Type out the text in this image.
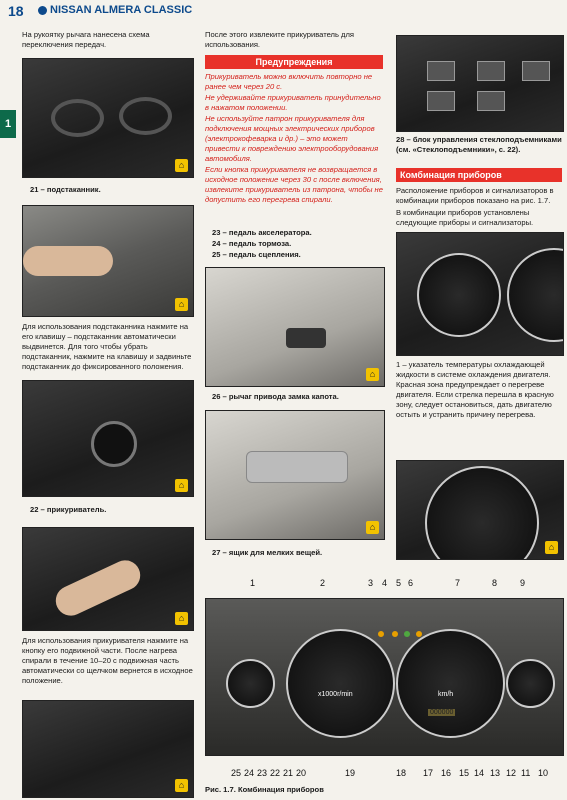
18 NISSAN ALMERA CLASSIC
1
На рукоятку рычага нанесена схема переключения передач.
⌂
21 – подстаканник.
⌂
Для использования подстаканника нажмите на его клавишу – подстаканник автоматически выдвинется. Для того чтобы убрать подстаканник, нажмите на клавишу и задвиньте подстаканник до фиксированного положения.
⌂
22 – прикуриватель.
⌂
Для использования прикуривателя нажмите на кнопку его подвижной части. После нагрева спирали в течение 10–20 с подвижная часть автоматически со щелчком вернется в исходное положение.
⌂
После этого извлеките прикуриватель для использования.
Предупреждения
Прикуриватель можно включить повторно не ранее чем через 20 с.
Не удерживайте прикуриватель принудительно в нажатом положении.
Не используйте патрон прикуривателя для подключения мощных электрических приборов (электрокофеварка и др.) – это может привести к повреждению электрооборудования автомобиля.
Если кнопка прикуривателя не возвращается в исходное положение через 30 с после включения, извлеките прикуриватель из патрона, чтобы не допустить его перегрева спирали.
23 – педаль акселератора.
24 – педаль тормоза.
25 – педаль сцепления.
⌂
26 – рычаг привода замка капота.
⌂
27 – ящик для мелких вещей.
28 – блок управления стеклоподъемниками (см. «Стеклоподъемники», с. 22).
Комбинация приборов
Расположение приборов и сигнализаторов в комбинации приборов показано на рис. 1.7.
В комбинации приборов установлены следующие приборы и сигнализаторы.
1 – указатель температуры охлаждающей жидкости в системе охлаждения двигателя. Красная зона предупреждает о перегреве двигателя. Если стрелка перешла в красную зону, следует остановиться, дать двигателю остыть и устранить причину перегрева.
⌂
x1000r/min	km/h
000000
1	2	3 4 5 6	7	8	9
25 24 23 22 21 20	19	18 17 16 15 14 13 12 11 10
Рис. 1.7. Комбинация приборов
